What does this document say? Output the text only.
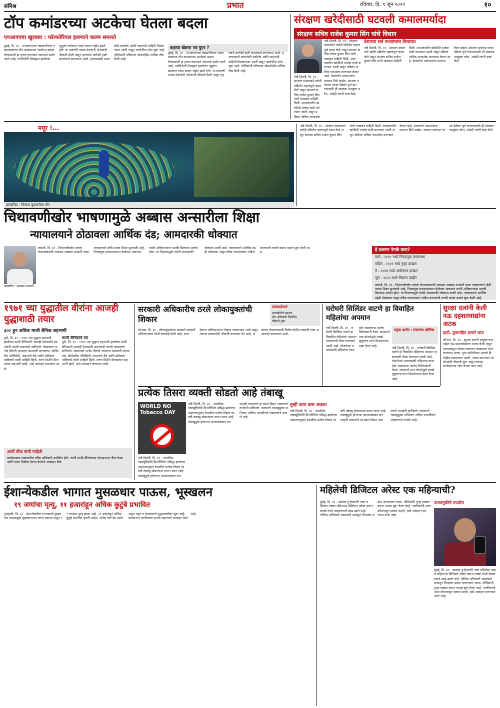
संमिश्र	प्रभात	रविवार, दि. ९ जून २०१९	१०
टॉप कमांडरच्या अटकेचा घेतला बदला
एनआयएचा खुलासा : फॉल्फोरियल हल्ल्याने कलम समलते
कहाया खेतला पत्र युएर ?
मुंबई, दि. ३१ - एनआयएच्या तपासणीनंतर नक्षलवाद्यांच्या टॉप कमांडरच्या अटकेचा बदला घेण्यासाठी हा हल्ला करण्यात आल्याचे समोर आले आहे. गडचिरोली जिल्ह्यात झालेल्या भूसुरुंग स्फोटात पंधरा जवान शहीद झाले होते. या प्रकरणी तपास यंत्रणांनी अनेकांची चौकशी केली असून महत्त्वाचे धागेदोरे हाती लागल्याचे सांगण्यात आले. हल्ल्यासाठी वापरलेली स्फोटके आणि वाहनांची माहिती मिळवण्यात आली असून आरोपींचा शोध सुरू आहे. पोलिसांनी परिसरात शोधमोहीम अधिक तीव्र केली आहे.
मुंबई, दि. ३१ - एनआयएच्या तपासणीनंतर नक्षलवाद्यांच्या टॉप कमांडरच्या अटकेचा बदला घेण्यासाठी हा हल्ला करण्यात आल्याचे समोर आले आहे. गडचिरोली जिल्ह्यात झालेल्या भूसुरुंग स्फोटात पंधरा जवान शहीद झाले होते. या प्रकरणी तपास यंत्रणांनी अनेकांची चौकशी केली असून महत्त्वाचे धागेदोरे हाती लागल्याचे सांगण्यात आले. हल्ल्यासाठी वापरलेली स्फोटके आणि वाहनांची माहिती मिळवण्यात आली असून आरोपींचा शोध सुरू आहे. पोलिसांनी परिसरात शोधमोहीम अधिक तीव्र केली आहे.
संरक्षण खरेदीसाठी घटवली कमालमर्यादा
संरक्षण सचिव राजेश कुमार सिंग यांचे विधान
देशाच्या सर्व तज्ज्ञांचाच विचारात
नवी दिल्ली, दि. ३१ - संरक्षण मंत्रालयाने खरेदी प्रक्रियेत महत्त्वपूर्ण बदल केले असून संरक्षण सचिव राजेश कुमार सिंग यांनी याबाबत माहिती दिली. आपत्कालीन खरेदीची मर्यादा कमी करण्यात आली असून प्रक्रिया अधिक पारदर्शक करण्यात येणार आहे. देशांतर्गत उत्पादनाला प्राधान्य दिले जाईल. संरक्षण दलांच्या गरजा वेळेवर पूर्ण करण्यासाठी ही व्यवस्था उपयुक्त ठरेल, असेही त्यांनी स्पष्ट केले.
नवी दिल्ली, दि. ३१ - संरक्षण मंत्रालयाने खरेदी प्रक्रियेत महत्त्वपूर्ण बदल केले असून संरक्षण सचिव राजेश कुमार सिंग यांनी याबाबत माहिती दिली. आपत्कालीन खरेदीची मर्यादा कमी करण्यात आली असून प्रक्रिया अधिक पारदर्शक
नवी दिल्ली, दि. ३१ - संरक्षण मंत्रालयाने खरेदी प्रक्रियेत महत्त्वपूर्ण बदल केले असून संरक्षण सचिव राजेश कुमार सिंग यांनी याबाबत माहिती दिली. आपत्कालीन खरेदीची मर्यादा कमी करण्यात आली असून प्रक्रिया अधिक पारदर्शक करण्यात येणार आहे. देशांतर्गत उत्पादनाला प्राधान्य दिले जाईल. संरक्षण दलांच्या गरजा वेळेवर पूर्ण करण्यासाठी ही व्यवस्था उपयुक्त ठरेल, असेही त्यांनी स्पष्ट केले.
मयूर !...
छायाचित्र : पिसारा फुलवलेला मोर
नवी दिल्ली, दि. ३१ - संरक्षण मंत्रालयाने खरेदी प्रक्रियेत महत्त्वपूर्ण बदल केले असून संरक्षण सचिव राजेश कुमार सिंग यांनी याबाबत माहिती दिली. आपत्कालीन खरेदीची मर्यादा कमी करण्यात आली असून प्रक्रिया अधिक पारदर्शक करण्यात येणार आहे. देशांतर्गत उत्पादनाला प्राधान्य दिले जाईल. संरक्षण दलांच्या गरजा वेळेवर पूर्ण करण्यासाठी ही व्यवस्था उपयुक्त ठरेल, असेही त्यांनी स्पष्ट केले.
चिथावणीखोर भाषणामुळे अब्बास अन्सारीला शिक्षा
न्यायालयाने ठोठावला आर्थिक दंड; आमदारकी धोक्यात
छायाचित्र : अब्बास अन्सारी
लखनौ, दि. ३१ - चिथावणीखोर भाषण केल्याप्रकरणी आमदार अब्बास अन्सारी याला न्यायालयाने दोषी ठरवत शिक्षा सुनावली आहे. निवडणूक प्रचारादरम्यान केलेल्या भाषणात त्यांनी अधिकाऱ्यांना धमकी दिल्याचा आरोप होता. या निकालामुळे त्यांची आमदारकी धोक्यात आली आहे. न्यायालयाने आर्थिक दंडही ठोठावला असून वरिष्ठ न्यायालयात अपील करण्याची तयारी बचाव पक्षाने सुरू केली आहे.	हे प्रकरण नेमके काय?
मार्च - २०२२ मध्ये निवडणूक प्रचारसभा
एप्रिल - २०२२ मध्ये गुन्हा दाखल
मे - २०२४ मध्ये आरोपपत्र दाखल
जून - २०२५ मध्ये निकाल जाहीर
लखनौ, दि. ३१ - चिथावणीखोर भाषण केल्याप्रकरणी आमदार अब्बास अन्सारी याला न्यायालयाने दोषी ठरवत शिक्षा सुनावली आहे. निवडणूक प्रचारादरम्यान केलेल्या भाषणात त्यांनी अधिकाऱ्यांना धमकी दिल्याचा आरोप होता. या निकालामुळे त्यांची आमदारकी धोक्यात आली आहे. न्यायालयाने आर्थिक दंडही ठोठावला असून वरिष्ठ न्यायालयात अपील करण्याची तयारी बचाव पक्षाने सुरू केली आहे.
१९७१ च्या युद्धातील वीरांना आजही युद्धाशाठी तयार
३०० हून अधिक माजी सैनिक सहभागी
पुणे, दि. ३१ - १९७१ च्या युद्धात सहभागी झालेल्या माजी सैनिकांनी आजही देशासाठी लढण्याची तयारी असल्याचे सांगितले. मेळाव्यात अनेक वीरांनी आपल्या आठवणी जागवल्या. सीमेवरील परिस्थिती, जवानांचे धैर्य आणि प्रशिक्षण याविषयी त्यांनी माहिती दिली. तरुण पिढीने सैन्यदलात सहभागी व्हावे, असे आवाहन करण्यात आले.
माजी सैनिकांचे मत
पुणे, दि. ३१ - १९७१ च्या युद्धात सहभागी झालेल्या माजी सैनिकांनी आजही देशासाठी लढण्याची तयारी असल्याचे सांगितले. मेळाव्यात अनेक वीरांनी आपल्या आठवणी जागवल्या. सीमेवरील परिस्थिती, जवानांचे धैर्य आणि प्रशिक्षण याविषयी त्यांनी माहिती दिली. तरुण पिढीने सैन्यदलात सहभागी व्हावे, असे आवाहन करण्यात आले.
आर्मी चीफ यांची माहिती
कार्यक्रमाला लष्करातील वरिष्ठ अधिकारी उपस्थित होते. त्यांनी माजी सैनिकांच्या योगदानाचा गौरव केला आणि नव्या पिढीला प्रेरणा देण्याचे आवाहन केले.
सरकारी अधिकारीच ठरले लोकायुक्तांची शिकार
कारवाईमध्ये
लाचखोरीचे प्रकरण
दोन अधिकारी निलंबित
चौकशी सुरू
भोपाळ, दि. ३१ - लोकायुक्तांच्या पथकाने सरकारी अधिकाऱ्यांवर मोठी कारवाई केली आहे. लाच घेताना अधिकाऱ्यांना रंगेहाथ पकडण्यात आले असून त्यांच्या मालमत्तेची चौकशी करण्यात येत आहे. भ्रष्टाचार रोखण्यासाठी विशेष मोहीम राबवली जात असल्याचे सांगण्यात आले.
घरोघरी सिलिंडर वाटणे हा विवाहित महिलांचा अपमान
प्रमुख आरोप : प्रचाराचा अतिरेक
नवी दिल्ली, दि. ३१ - घरोघरी सिलिंडर वाटणे हा विवाहित महिलांचा अपमान असल्याची टीका करण्यात आली आहे. योजनेच्या प्रचारासाठी महिलांचा वापर होत असल्याचा आरोप विरोधकांनी केला. सरकारने मात्र योजनेमुळे लाखो कुटुंबांना लाभ मिळाल्याचा दावा केला आहे.
नवी दिल्ली, दि. ३१ - घरोघरी सिलिंडर वाटणे हा विवाहित महिलांचा अपमान असल्याची टीका करण्यात आली आहे. योजनेच्या प्रचारासाठी महिलांचा वापर होत असल्याचा आरोप विरोधकांनी केला. सरकारने मात्र योजनेमुळे लाखो कुटुंबांना लाभ मिळाल्याचा दावा केला आहे.
सुरक्षा दलांनी केली नऊ दहशतवाद्यांना अटक
हाती, दुकानहित हत्यारे जप्त
श्रीनगर, दि. ३१ - सुरक्षा दलांनी संयुक्त कारवाईत नऊ दहशतवाद्यांना अटक केली असून त्यांच्याकडून मोठ्या प्रमाणात शस्त्रसाठा जप्त करण्यात आला. गुप्त माहितीच्या आधारे ही मोहीम राबवण्यात आली. अटक करण्यात आलेल्यांची चौकशी सुरू असून त्यांच्या साथीदारांचा शोध घेतला जात आहे.
प्रत्येक तिसरा व्यक्ती सोडतो आहे तंबाखू
WORLD NO Tobacco DAY
तुम्ही काय करू शकता
नवी दिल्ली, दि. ३१ - जागतिक तंबाखूविरोधी दिनानिमित्त प्रसिद्ध झालेल्या अहवालानुसार देशातील प्रत्येक तिसरा व्यक्ती तंबाखू सोडण्याचा प्रयत्न करत आहे. तंबाखूमुळे होणाऱ्या आजारांबाबत जनजागृती वाढल्याने हा बदल दिसत असल्याचे तज्ज्ञांनी सांगितले. सरकारने तंबाखूमुक्त अभियान अधिक प्रभावीपणे राबवण्याचे ठरवले आहे.
नवी दिल्ली, दि. ३१ - जागतिक तंबाखूविरोधी दिनानिमित्त प्रसिद्ध झालेल्या अहवालानुसार देशातील प्रत्येक तिसरा व्यक्ती तंबाखू सोडण्याचा प्रयत्न करत आहे. तंबाखूमुळे होणाऱ्या आजारांबाबत जनजागृती वाढल्याने हा बदल दिसत असल्याचे तज्ज्ञांनी सांगितले. सरकारने तंबाखूमुक्त अभियान अधिक प्रभावीपणे राबवण्याचे ठरवले आहे.
नवी दिल्ली, दि. ३१ - जागतिक तंबाखूविरोधी दिनानिमित्त प्रसिद्ध झालेल्या अहवालानुसार देशातील प्रत्येक तिसरा व्यक्ती तंबाखू सोडण्याचा प्रयत्न करत आहे. तंबाखूमुळे होणाऱ्या आजारांबाबत जन
ईशान्येकडील भागात मुसळधार पाऊस, भूस्खलन
१९ जणांचा मृत्यू, ११ हजारांहून अधिक कुटुंबे प्रभावित
गुवाहाटी, दि. ३१ - ईशान्येकडील राज्यांमध्ये मुसळधार पावसामुळे भूस्खलनाच्या घटना घडल्या असून १९ जणांचा मृत्यू झाला आहे. ११ हजारांहून अधिक कुटुंबे प्रभावित झाली आहेत. अनेक रस्ते बंद पडले असून मदत व बचावकार्य युद्धपातळीवर सुरू आहे. प्रशासनाने नागरिकांना सतर्क राहण्याचे आवाहन केले आहे.
महिलेची डिजिटल अरेस्ट एक महिन्याची?
मुंबई, दि. ३१ - सायबर गुन्हेगारांनी एका महिलेला तब्बल महिनाभर डिजिटल अरेस्ट करून लाखो रुपये उकळल्याचे उघड झाले आहे. पोलिस अधिकारी असल्याचे भासवून तिच्यावर दबाव आणण्यात आला. पोलिसांनी गुन्हा दाखल करून तपास सुरू केला आहे. नागरिकांनी अशा कॉलपासून सावध राहावे, असे आवाहन करण्यात आले आहे.
फसवणुकीचे तपशील
मुंबई, दि. ३१ - सायबर गुन्हेगारांनी एका महिलेला तब्बल महिनाभर डिजिटल अरेस्ट करून लाखो रुपये उकळल्याचे उघड झाले आहे. पोलिस अधिकारी असल्याचे भासवून तिच्यावर दबाव आणण्यात आला. पोलिसांनी गुन्हा दाखल करून तपास सुरू केला आहे. नागरिकांनी अशा कॉलपासून सावध राहावे, असे आवाहन करण्यात आले आहे.
